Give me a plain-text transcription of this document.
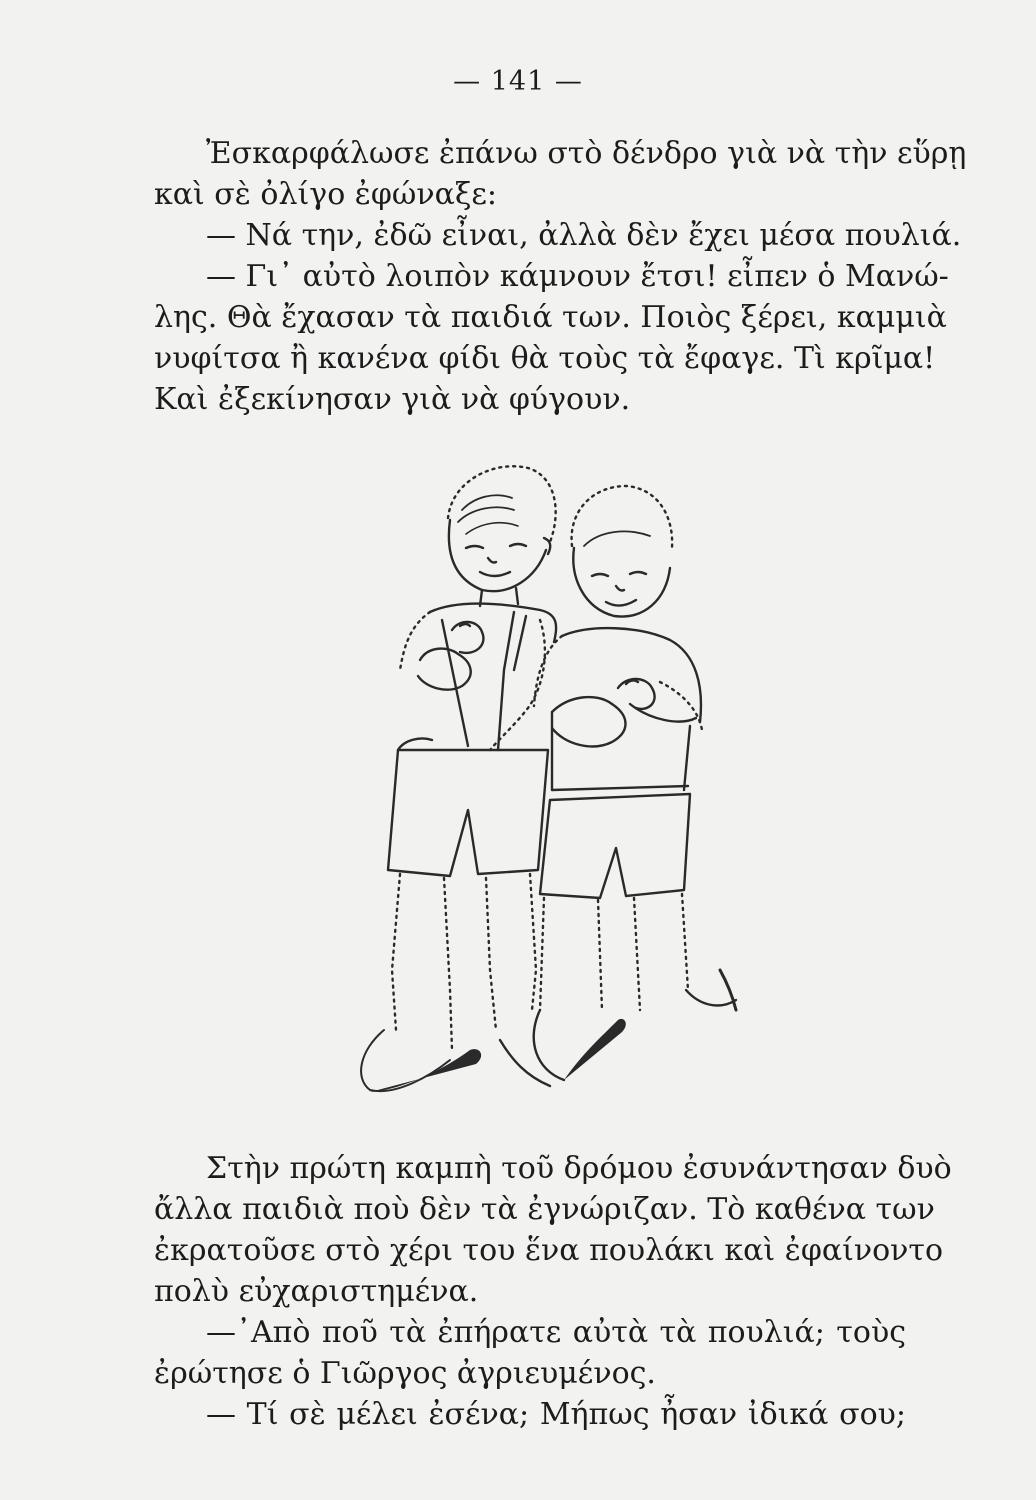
— 141 —
Ἐσκαρφάλωσε ἐπάνω στὸ δένδρο γιὰ νὰ τὴν εὕρῃ
καὶ σὲ ὀλίγο ἐφώναξε:
— Νά την, ἐδῶ εἶναι, ἀλλὰ δὲν ἔχει μέσα πουλιά.
— Γι᾿ αὐτὸ λοιπὸν κάμνουν ἔτσι! εἶπεν ὁ Μανώ-
λης. Θὰ ἔχασαν τὰ παιδιά των. Ποιὸς ξέρει, καμμιὰ
νυφίτσα ἢ κανένα φίδι θὰ τοὺς τὰ ἔφαγε. Τὶ κρῖμα!
Καὶ ἐξεκίνησαν γιὰ νὰ φύγουν.
Στὴν πρώτη καμπὴ τοῦ δρόμου ἐσυνάντησαν δυὸ
ἄλλα παιδιὰ ποὺ δὲν τὰ ἐγνώριζαν. Τὸ καθένα των
ἐκρατοῦσε στὸ χέρι του ἕνα πουλάκι καὶ ἐφαίνοντο
πολὺ εὐχαριστημένα.
—᾿Απὸ ποῦ τὰ ἐπήρατε αὐτὰ τὰ πουλιά; τοὺς
ἐρώτησε ὁ Γιῶργος ἀγριευμένος.
— Τί σὲ μέλει ἐσένα; Μήπως ἦσαν ἰδικά σου;
